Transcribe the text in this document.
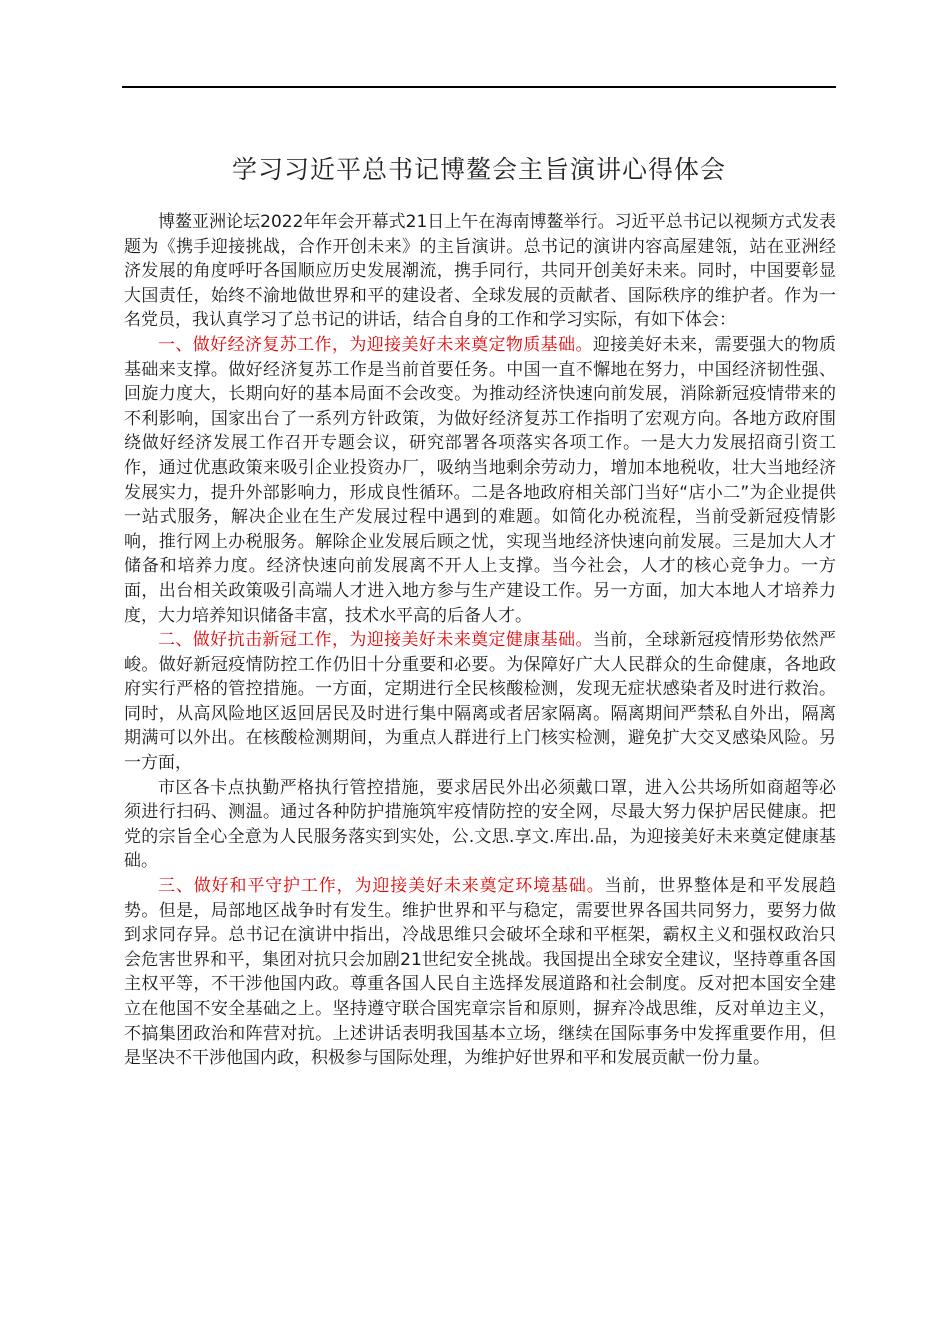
学习习近平总书记博鳌会主旨演讲心得体会

博鳌亚洲论坛2022年年会开幕式21日上午在海南博鳌举行。习近平总书记以视频方式发表题为《携手迎接挑战，合作开创未来》的主旨演讲。总书记的演讲内容高屋建瓴，站在亚洲经济发展的角度呼吁各国顺应历史发展潮流，携手同行，共同开创美好未来。同时，中国要彰显大国责任，始终不渝地做世界和平的建设者、全球发展的贡献者、国际秩序的维护者。作为一名党员，我认真学习了总书记的讲话，结合自身的工作和学习实际，有如下体会：

一、做好经济复苏工作，为迎接美好未来奠定物质基础。迎接美好未来，需要强大的物质基础来支撑。做好经济复苏工作是当前首要任务。中国一直不懈地在努力，中国经济韧性强、回旋力度大，长期向好的基本局面不会改变。为推动经济快速向前发展，消除新冠疫情带来的不利影响，国家出台了一系列方针政策，为做好经济复苏工作指明了宏观方向。各地方政府围绕做好经济发展工作召开专题会议，研究部署各项落实各项工作。一是大力发展招商引资工作，通过优惠政策来吸引企业投资办厂，吸纳当地剩余劳动力，增加本地税收，壮大当地经济发展实力，提升外部影响力，形成良性循环。二是各地政府相关部门当好“店小二”为企业提供一站式服务，解决企业在生产发展过程中遇到的难题。如简化办税流程，当前受新冠疫情影响，推行网上办税服务。解除企业发展后顾之忧，实现当地经济快速向前发展。三是加大人才储备和培养力度。经济快速向前发展离不开人上支撑。当今社会，人才的核心竞争力。一方面，出台相关政策吸引高端人才进入地方参与生产建设工作。另一方面，加大本地人才培养力度，大力培养知识储备丰富，技术水平高的后备人才。

二、做好抗击新冠工作，为迎接美好未来奠定健康基础。当前，全球新冠疫情形势依然严峻。做好新冠疫情防控工作仍旧十分重要和必要。为保障好广大人民群众的生命健康，各地政府实行严格的管控措施。一方面，定期进行全民核酸检测，发现无症状感染者及时进行救治。同时，从高风险地区返回居民及时进行集中隔离或者居家隔离。隔离期间严禁私自外出，隔离期满可以外出。在核酸检测期间，为重点人群进行上门核实检测，避免扩大交叉感染风险。另一方面，

市区各卡点执勤严格执行管控措施，要求居民外出必须戴口罩，进入公共场所如商超等必须进行扫码、测温。通过各种防护措施筑牢疫情防控的安全网，尽最大努力保护居民健康。把党的宗旨全心全意为人民服务落实到实处，公.文思.享文.库出.品，为迎接美好未来奠定健康基础。

三、做好和平守护工作，为迎接美好未来奠定环境基础。当前，世界整体是和平发展趋势。但是，局部地区战争时有发生。维护世界和平与稳定，需要世界各国共同努力，要努力做到求同存异。总书记在演讲中指出，冷战思维只会破坏全球和平框架，霸权主义和强权政治只会危害世界和平，集团对抗只会加剧21世纪安全挑战。我国提出全球安全建议，坚持尊重各国主权平等，不干涉他国内政。尊重各国人民自主选择发展道路和社会制度。反对把本国安全建立在他国不安全基础之上。坚持遵守联合国宪章宗旨和原则，摒弃冷战思维，反对单边主义，不搞集团政治和阵营对抗。上述讲话表明我国基本立场，继续在国际事务中发挥重要作用，但是坚决不干涉他国内政，积极参与国际处理，为维护好世界和平和发展贡献一份力量。
